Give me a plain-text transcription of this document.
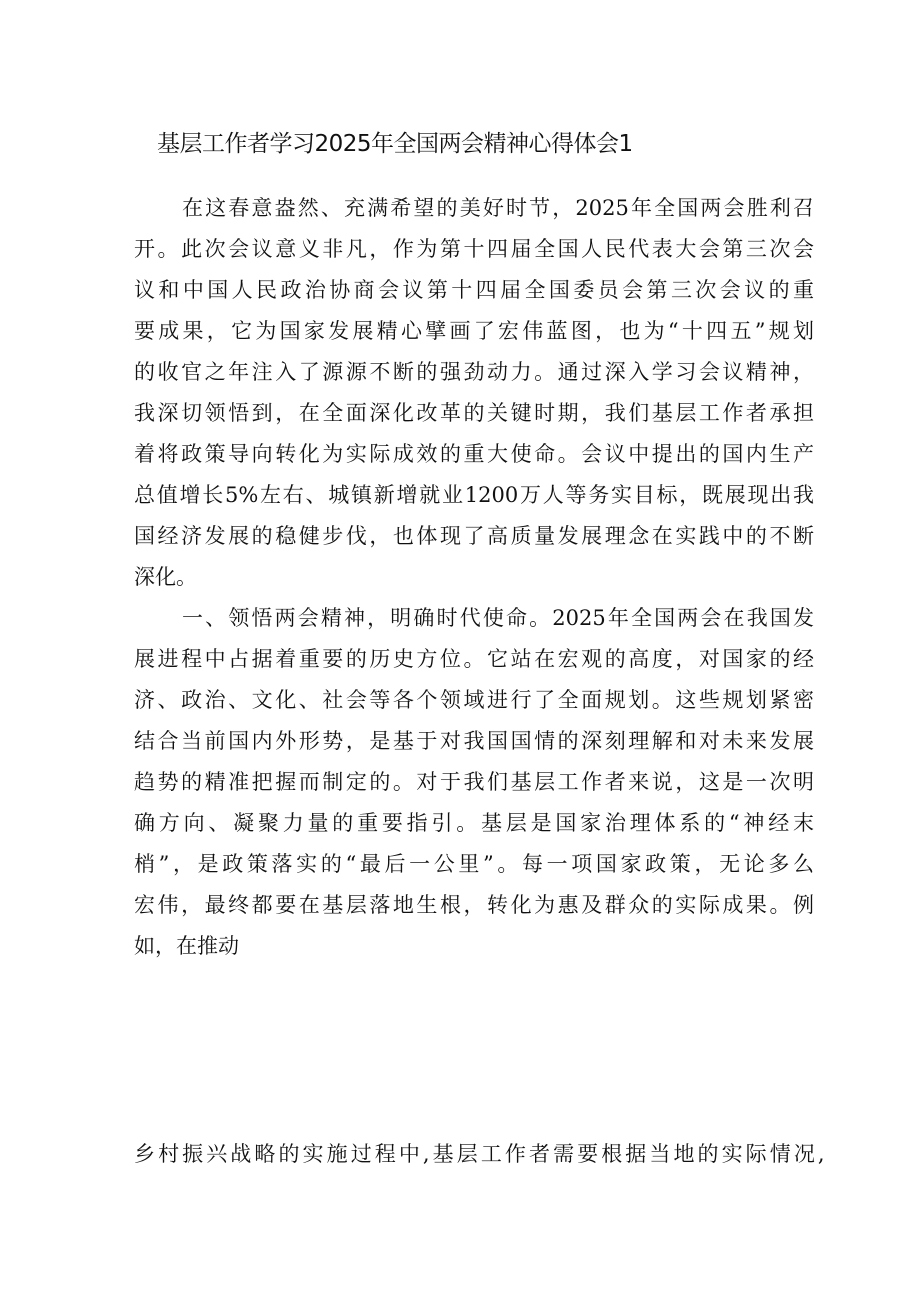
基层工作者学习2025年全国两会精神心得体会1
在这春意盎然、充满希望的美好时节，2025年全国两会胜利召
开。此次会议意义非凡，作为第十四届全国人民代表大会第三次会
议和中国人民政治协商会议第十四届全国委员会第三次会议的重
要成果，它为国家发展精心擘画了宏伟蓝图，也为“十四五”规划
的收官之年注入了源源不断的强劲动力。通过深入学习会议精神，
我深切领悟到，在全面深化改革的关键时期，我们基层工作者承担
着将政策导向转化为实际成效的重大使命。会议中提出的国内生产
总值增长5%左右、城镇新增就业1200万人等务实目标，既展现出我
国经济发展的稳健步伐，也体现了高质量发展理念在实践中的不断
深化。
一、领悟两会精神，明确时代使命。2025年全国两会在我国发
展进程中占据着重要的历史方位。它站在宏观的高度，对国家的经
济、政治、文化、社会等各个领域进行了全面规划。这些规划紧密
结合当前国内外形势，是基于对我国国情的深刻理解和对未来发展
趋势的精准把握而制定的。对于我们基层工作者来说，这是一次明
确方向、凝聚力量的重要指引。基层是国家治理体系的“神经末
梢”，是政策落实的“最后一公里”。每一项国家政策，无论多么
宏伟，最终都要在基层落地生根，转化为惠及群众的实际成果。例
如，在推动
乡村振兴战略的实施过程中,基层工作者需要根据当地的实际情况,
